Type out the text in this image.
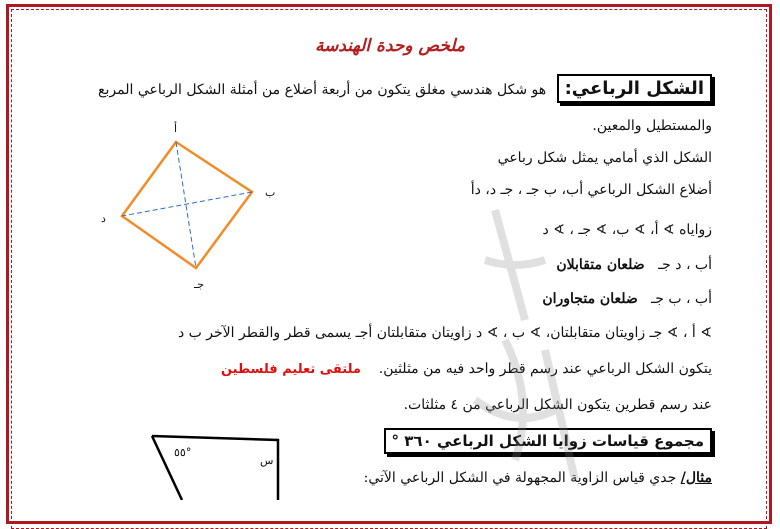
ملخص وحدة الهندسة
الشكل الرباعي: هو شكل هندسي مغلق يتكون من أربعة أضلاع من أمثلة الشكل الرباعي المربع
والمستطيل والمعين.
الشكل الذي أمامي يمثل شكل رباعي
أضلاع الشكل الرباعي أب، ب جـ ، جـ د، دأ
زواياه ∢ أ، ∢ ب، ∢ جـ ، ∢ د
أب ، د جـ   ضلعان متقابلان
أب ، ب جـ   ضلعان متجاوران
∢ أ ، ∢ جـ زاويتان متقابلتان، ∢ ب ، ∢ د زاويتان متقابلتان أجـ يسمى قطر والقطر الآخر ب د
يتكون الشكل الرباعي عند رسم قطر واحد فيه من مثلثين.    ملتقى تعليم فلسطين
عند رسم قطرين يتكون الشكل الرباعي من ٤ مثلثات.
مجموع قياسات زوايا الشكل الرباعي ٣٦٠ °
مثال/ جدي قياس الزاوية المجهولة في الشكل الرباعي الآتي:
أ
ب
جـ
د
٥٥°
س
